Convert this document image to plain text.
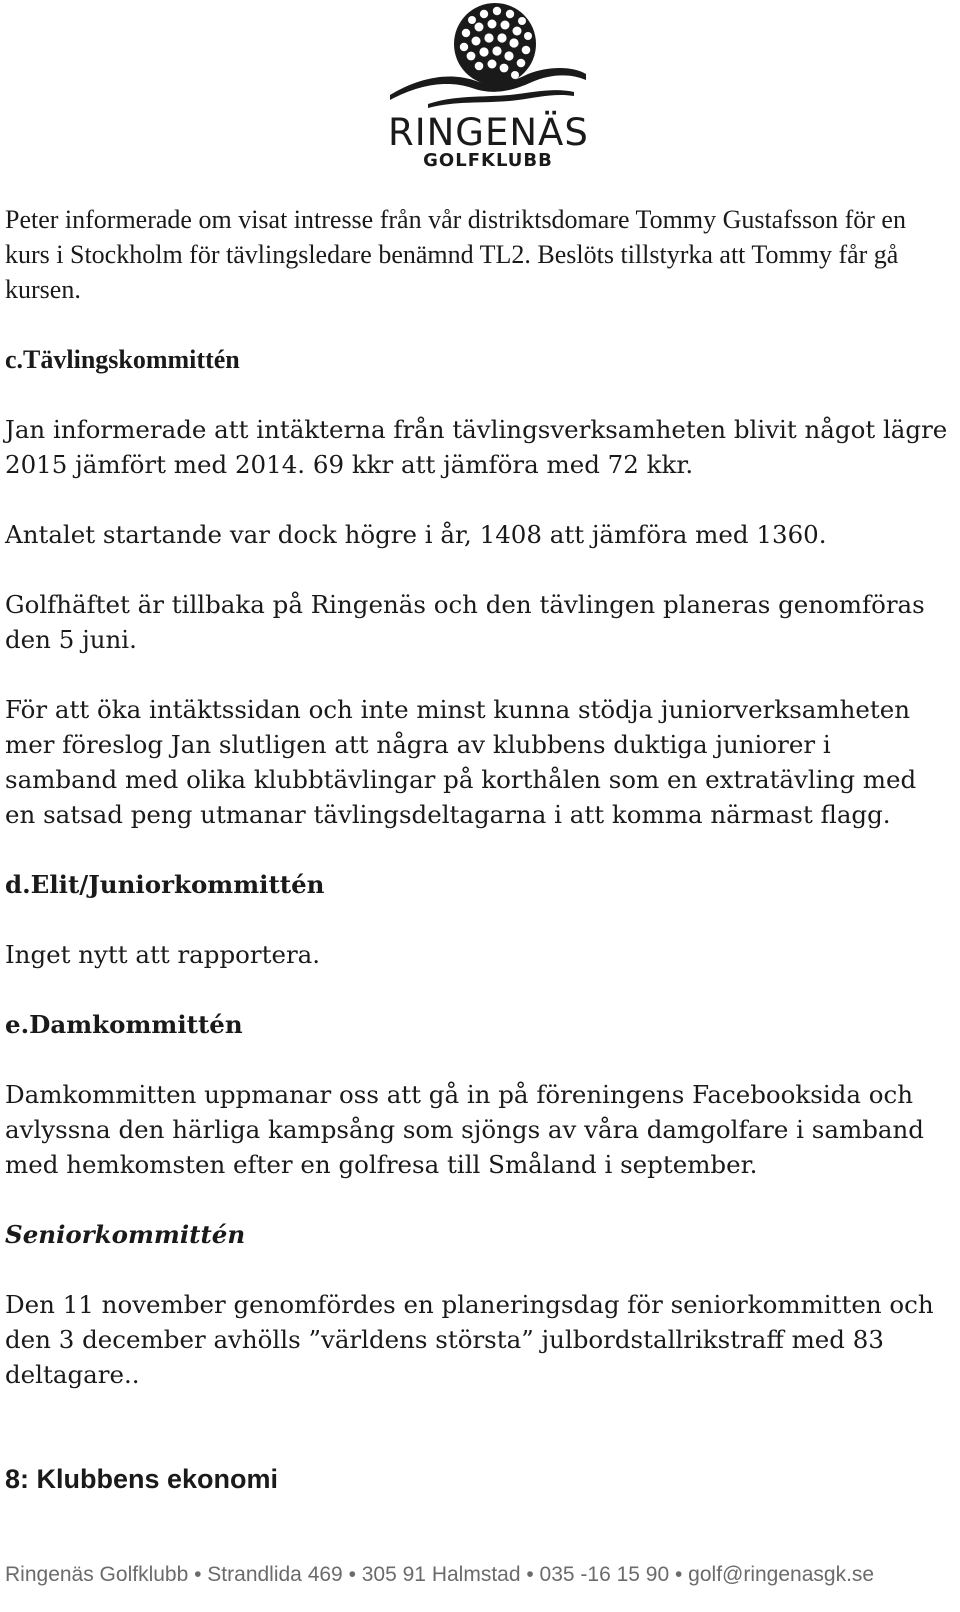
RINGENÄS
GOLFKLUBB

Peter informerade om visat intresse från vår distriktsdomare Tommy Gustafsson för en kurs i Stockholm för tävlingsledare benämnd TL2. Beslöts tillstyrka att Tommy får gå kursen.

c.Tävlingskommittén

Jan informerade att intäkterna från tävlingsverksamheten blivit något lägre 2015 jämfört med 2014. 69 kkr att jämföra med 72 kkr.

Antalet startande var dock högre i år, 1408 att jämföra med 1360.

Golfhäftet är tillbaka på Ringenäs och den tävlingen planeras genomföras den 5 juni.

För att öka intäktssidan och inte minst kunna stödja juniorverksamheten mer föreslog Jan slutligen att några av klubbens duktiga juniorer i samband med olika klubbtävlingar på korthålen som en extratävling med en satsad peng utmanar tävlingsdeltagarna i att komma närmast flagg.

d.Elit/Juniorkommittén

Inget nytt att rapportera.

e.Damkommittén

Damkommitten uppmanar oss att gå in på föreningens Facebooksida och avlyssna den härliga kampsång som sjöngs av våra damgolfare i samband med hemkomsten efter en golfresa till Småland i september.

Seniorkommittén

Den 11 november genomfördes en planeringsdag för seniorkommitten och den 3 december avhölls ”världens största” julbordstallrikstraff med 83 deltagare..

8: Klubbens ekonomi
Ringenäs Golfklubb • Strandlida 469 • 305 91 Halmstad • 035 -16 15 90 • golf@ringenasgk.se
